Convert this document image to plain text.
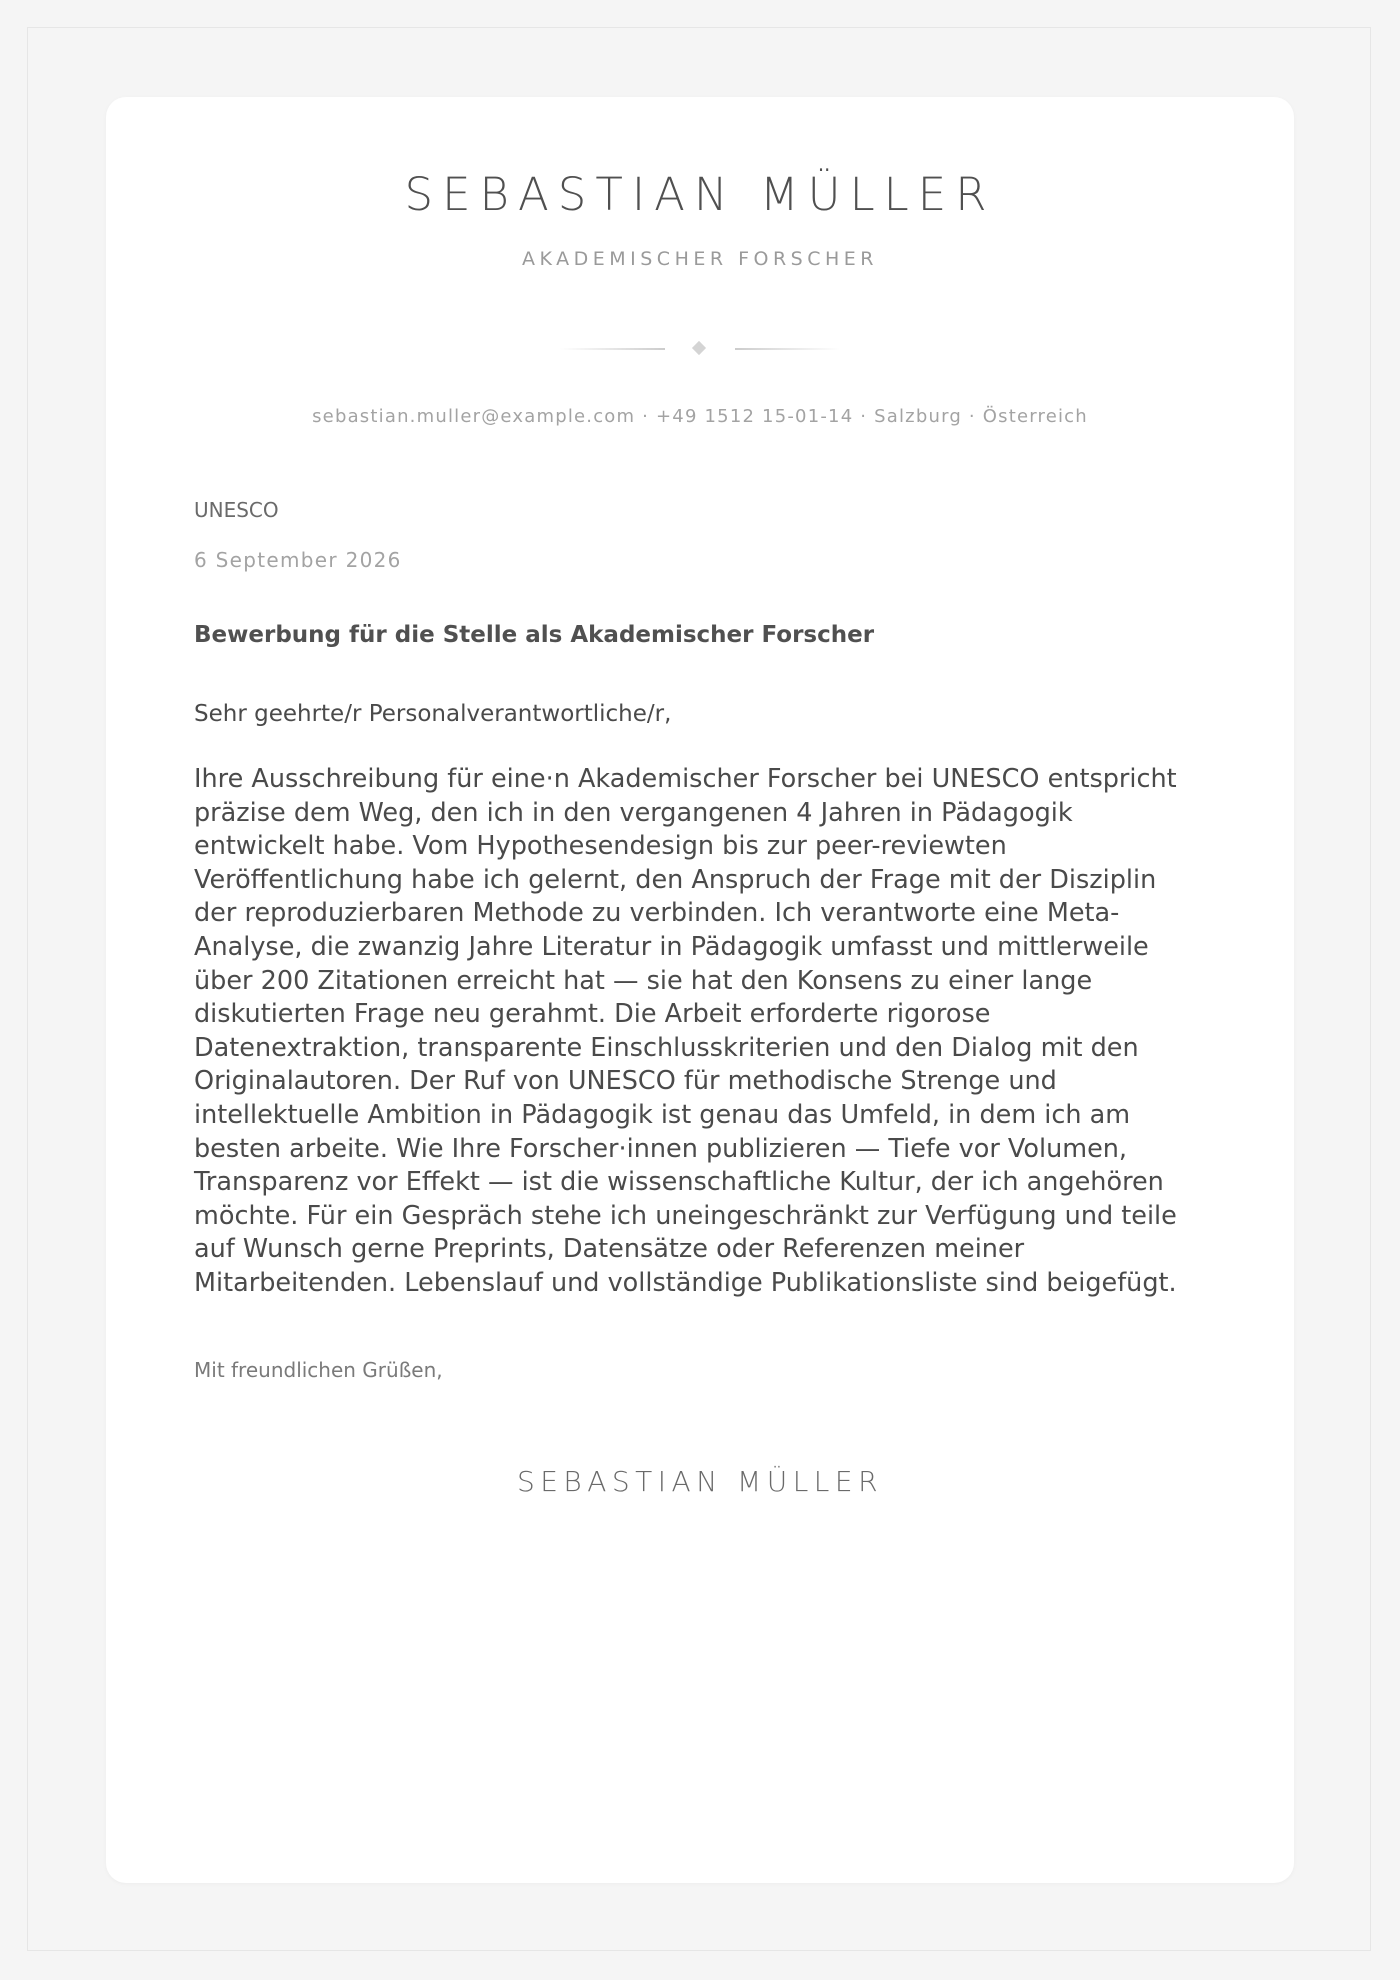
SEBASTIAN MÜLLER
AKADEMISCHER FORSCHER
sebastian.muller@example.com · +49 1512 15-01-14 · Salzburg · Österreich
UNESCO
6 September 2026
Bewerbung für die Stelle als Akademischer Forscher
Sehr geehrte/r Personalverantwortliche/r,

Ihre Ausschreibung für eine·n Akademischer Forscher bei UNESCO entspricht präzise dem Weg, den ich in den vergangenen 4 Jahren in Pädagogik entwickelt habe. Vom Hypothesendesign bis zur peer-reviewten Veröffentlichung habe ich gelernt, den Anspruch der Frage mit der Disziplin der reproduzierbaren Methode zu verbinden. Ich verantworte eine Meta-Analyse, die zwanzig Jahre Literatur in Pädagogik umfasst und mittlerweile über 200 Zitationen erreicht hat — sie hat den Konsens zu einer lange diskutierten Frage neu gerahmt. Die Arbeit erforderte rigorose Datenextraktion, transparente Einschlusskriterien und den Dialog mit den Originalautoren. Der Ruf von UNESCO für methodische Strenge und intellektuelle Ambition in Pädagogik ist genau das Umfeld, in dem ich am besten arbeite. Wie Ihre Forscher·innen publizieren — Tiefe vor Volumen, Transparenz vor Effekt — ist die wissenschaftliche Kultur, der ich angehören möchte. Für ein Gespräch stehe ich uneingeschränkt zur Verfügung und teile auf Wunsch gerne Preprints, Datensätze oder Referenzen meiner Mitarbeitenden. Lebenslauf und vollständige Publikationsliste sind beigefügt.

Mit freundlichen Grüßen,
SEBASTIAN MÜLLER
